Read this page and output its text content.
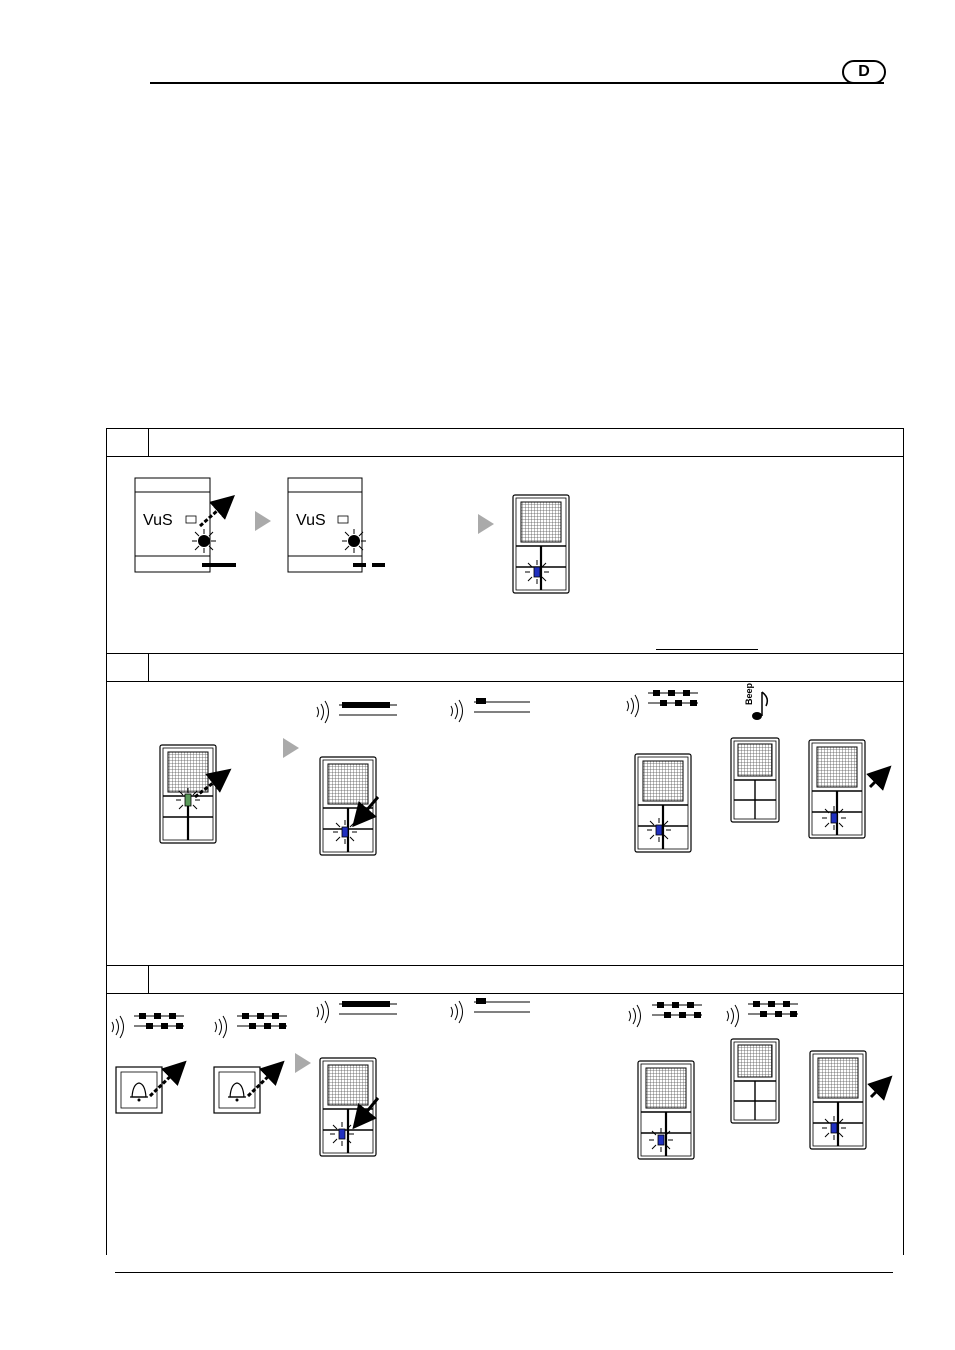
D
VuS	VuS
Beep
